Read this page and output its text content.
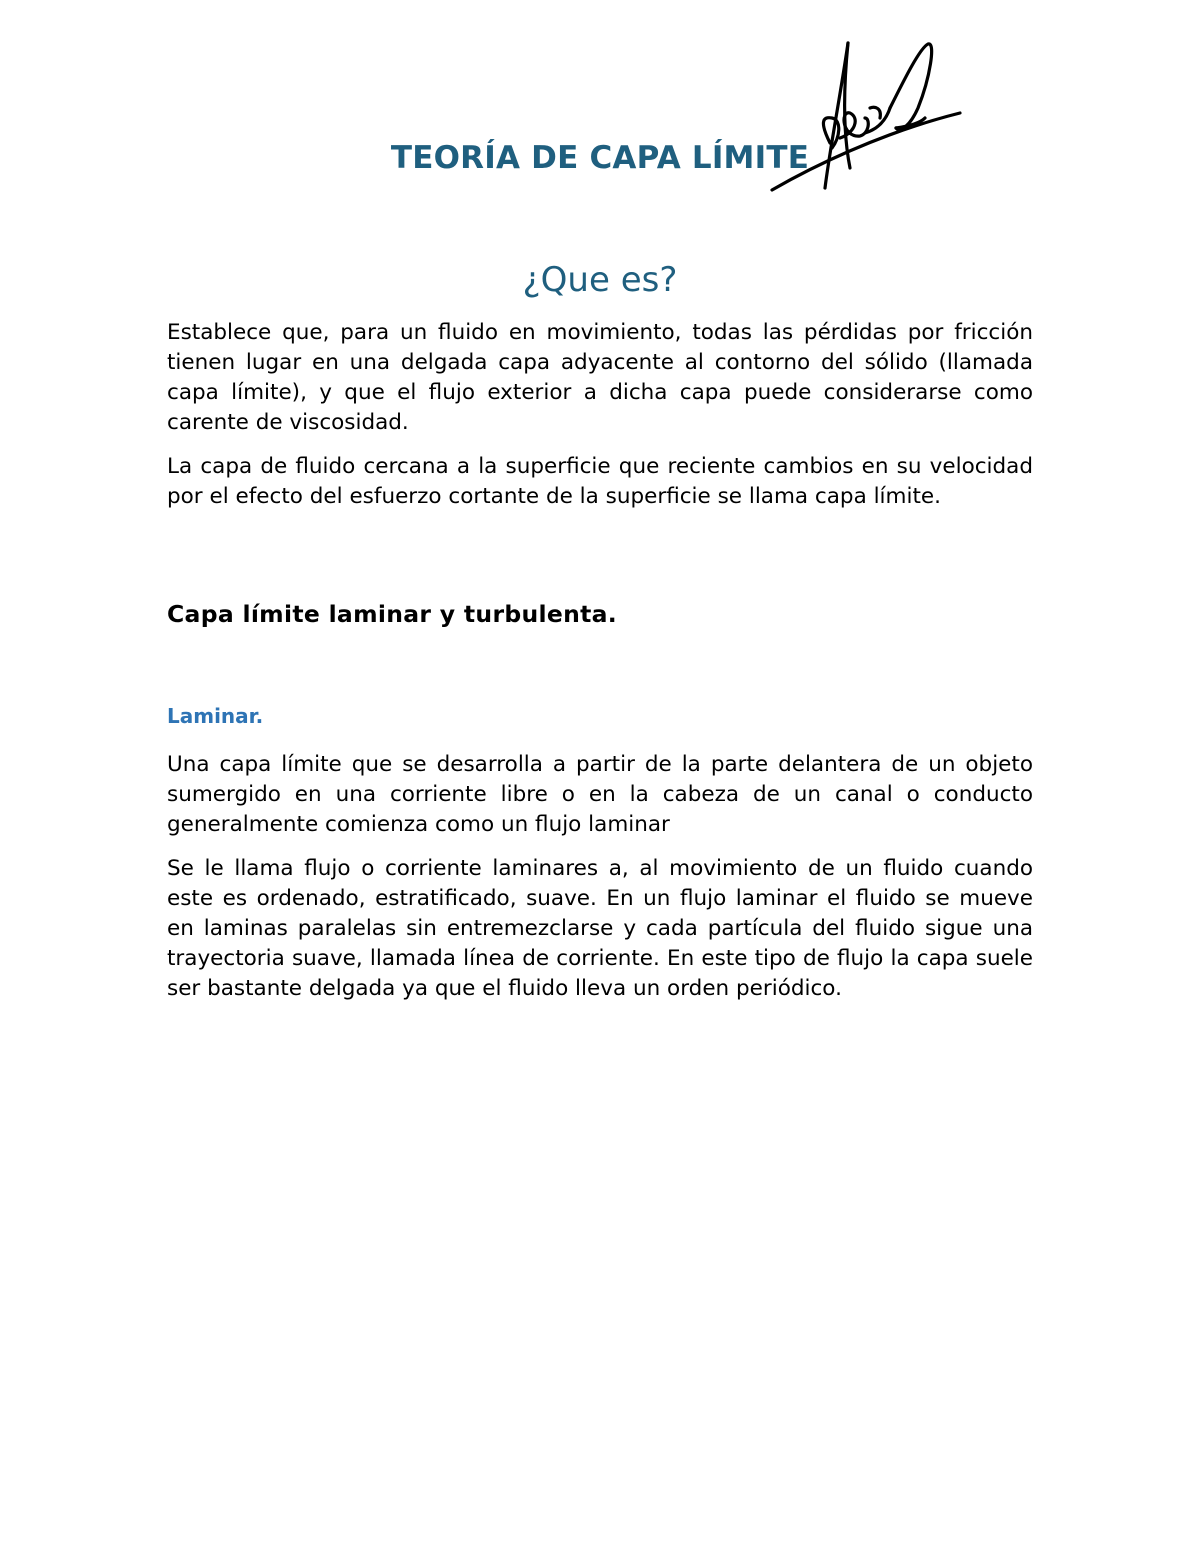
TEORÍA DE CAPA LÍMITE
¿Que es?

Establece que, para un fluido en movimiento, todas las pérdidas por fricción tienen lugar en una delgada capa adyacente al contorno del sólido (llamada capa límite), y que el flujo exterior a dicha capa puede considerarse como carente de viscosidad.

La capa de fluido cercana a la superficie que reciente cambios en su velocidad por el efecto del esfuerzo cortante de la superficie se llama capa límite.

Capa límite laminar y turbulenta.
Laminar.

Una capa límite que se desarrolla a partir de la parte delantera de un objeto sumergido en una corriente libre o en la cabeza de un canal o conducto generalmente comienza como un flujo laminar

Se le llama flujo o corriente laminares a, al movimiento de un fluido cuando este es ordenado, estratificado, suave. En un flujo laminar el fluido se mueve en laminas paralelas sin entremezclarse y cada partícula del fluido sigue una trayectoria suave, llamada línea de corriente. En este tipo de flujo la capa suele ser bastante delgada ya que el fluido lleva un orden periódico.
